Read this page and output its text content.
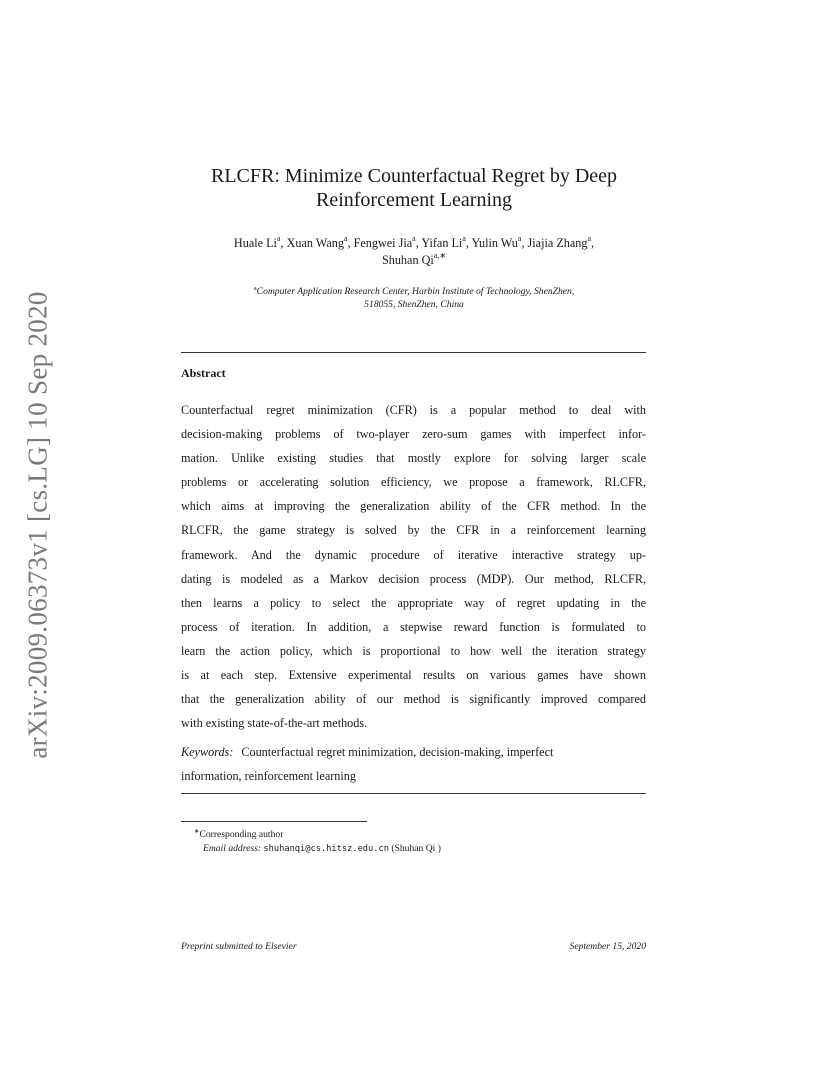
arXiv:2009.06373v1 [cs.LG] 10 Sep 2020
RLCFR: Minimize Counterfactual Regret by Deep
Reinforcement Learning
Huale Li$^a$, Xuan Wang$^a$, Fengwei Jia$^a$, Yifan Li$^a$, Yulin Wu$^a$, Jiajia Zhang$^a$,
Shuhan $Qi^{a,∗}$
$^a$Computer Application Research Center, Harbin Institute of Technology, ShenZhen,
518055, ShenZhen, China
Abstract
Counterfactual regret minimization (CFR) is a popular method to deal with
decision-making problems of two-player zero-sum games with imperfect infor-
mation. Unlike existing studies that mostly explore for solving larger scale
problems or accelerating solution efficiency, we propose a framework, RLCFR,
which aims at improving the generalization ability of the CFR method. In the
RLCFR, the game strategy is solved by the CFR in a reinforcement learning
framework. And the dynamic procedure of iterative interactive strategy up-
dating is modeled as a Markov decision process (MDP). Our method, RLCFR,
then learns a policy to select the appropriate way of regret updating in the
process of iteration. In addition, a stepwise reward function is formulated to
learn the action policy, which is proportional to how well the iteration strategy
is at each step. Extensive experimental results on various games have shown
that the generalization ability of our method is significantly improved compared
with existing state-of-the-art methods.
Keywords: Counterfactual regret minimization, decision-making, imperfect
information, reinforcement learning
∗Corresponding author
Email address: shuhanqi@cs.hitsz.edu.cn (Shuhan Qi )
Preprint submitted to Elsevier	September 15, 2020
